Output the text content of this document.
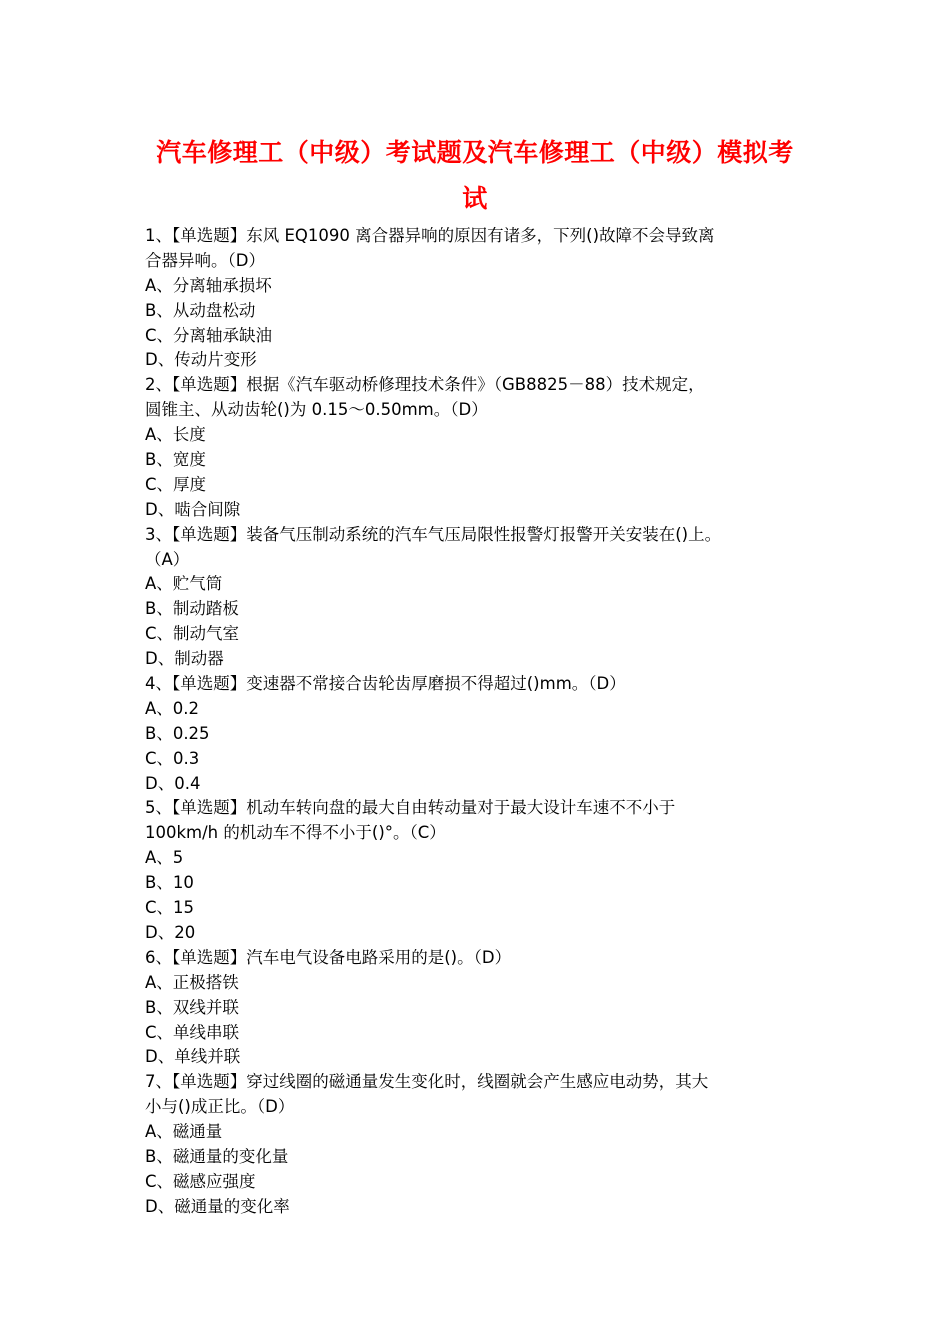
汽车修理工（中级）考试题及汽车修理工（中级）模拟考
试
1、【单选题】东风 EQ1090 离合器异响的原因有诸多，下列()故障不会导致离
合器异响。（D）
A、分离轴承损坏
B、从动盘松动
C、分离轴承缺油
D、传动片变形
2、【单选题】根据《汽车驱动桥修理技术条件》（GB8825－88）技术规定，
圆锥主、从动齿轮()为 0.15～0.50mm。（D）
A、长度
B、宽度
C、厚度
D、啮合间隙
3、【单选题】装备气压制动系统的汽车气压局限性报警灯报警开关安装在()上。
（A）
A、贮气筒
B、制动踏板
C、制动气室
D、制动器
4、【单选题】变速器不常接合齿轮齿厚磨损不得超过()mm。（D）
A、0.2
B、0.25
C、0.3
D、0.4
5、【单选题】机动车转向盘的最大自由转动量对于最大设计车速不不小于
100km/h 的机动车不得不小于()°。（C）
A、5
B、10
C、15
D、20
6、【单选题】汽车电气设备电路采用的是()。（D）
A、正极搭铁
B、双线并联
C、单线串联
D、单线并联
7、【单选题】穿过线圈的磁通量发生变化时，线圈就会产生感应电动势，其大
小与()成正比。（D）
A、磁通量
B、磁通量的变化量
C、磁感应强度
D、磁通量的变化率
